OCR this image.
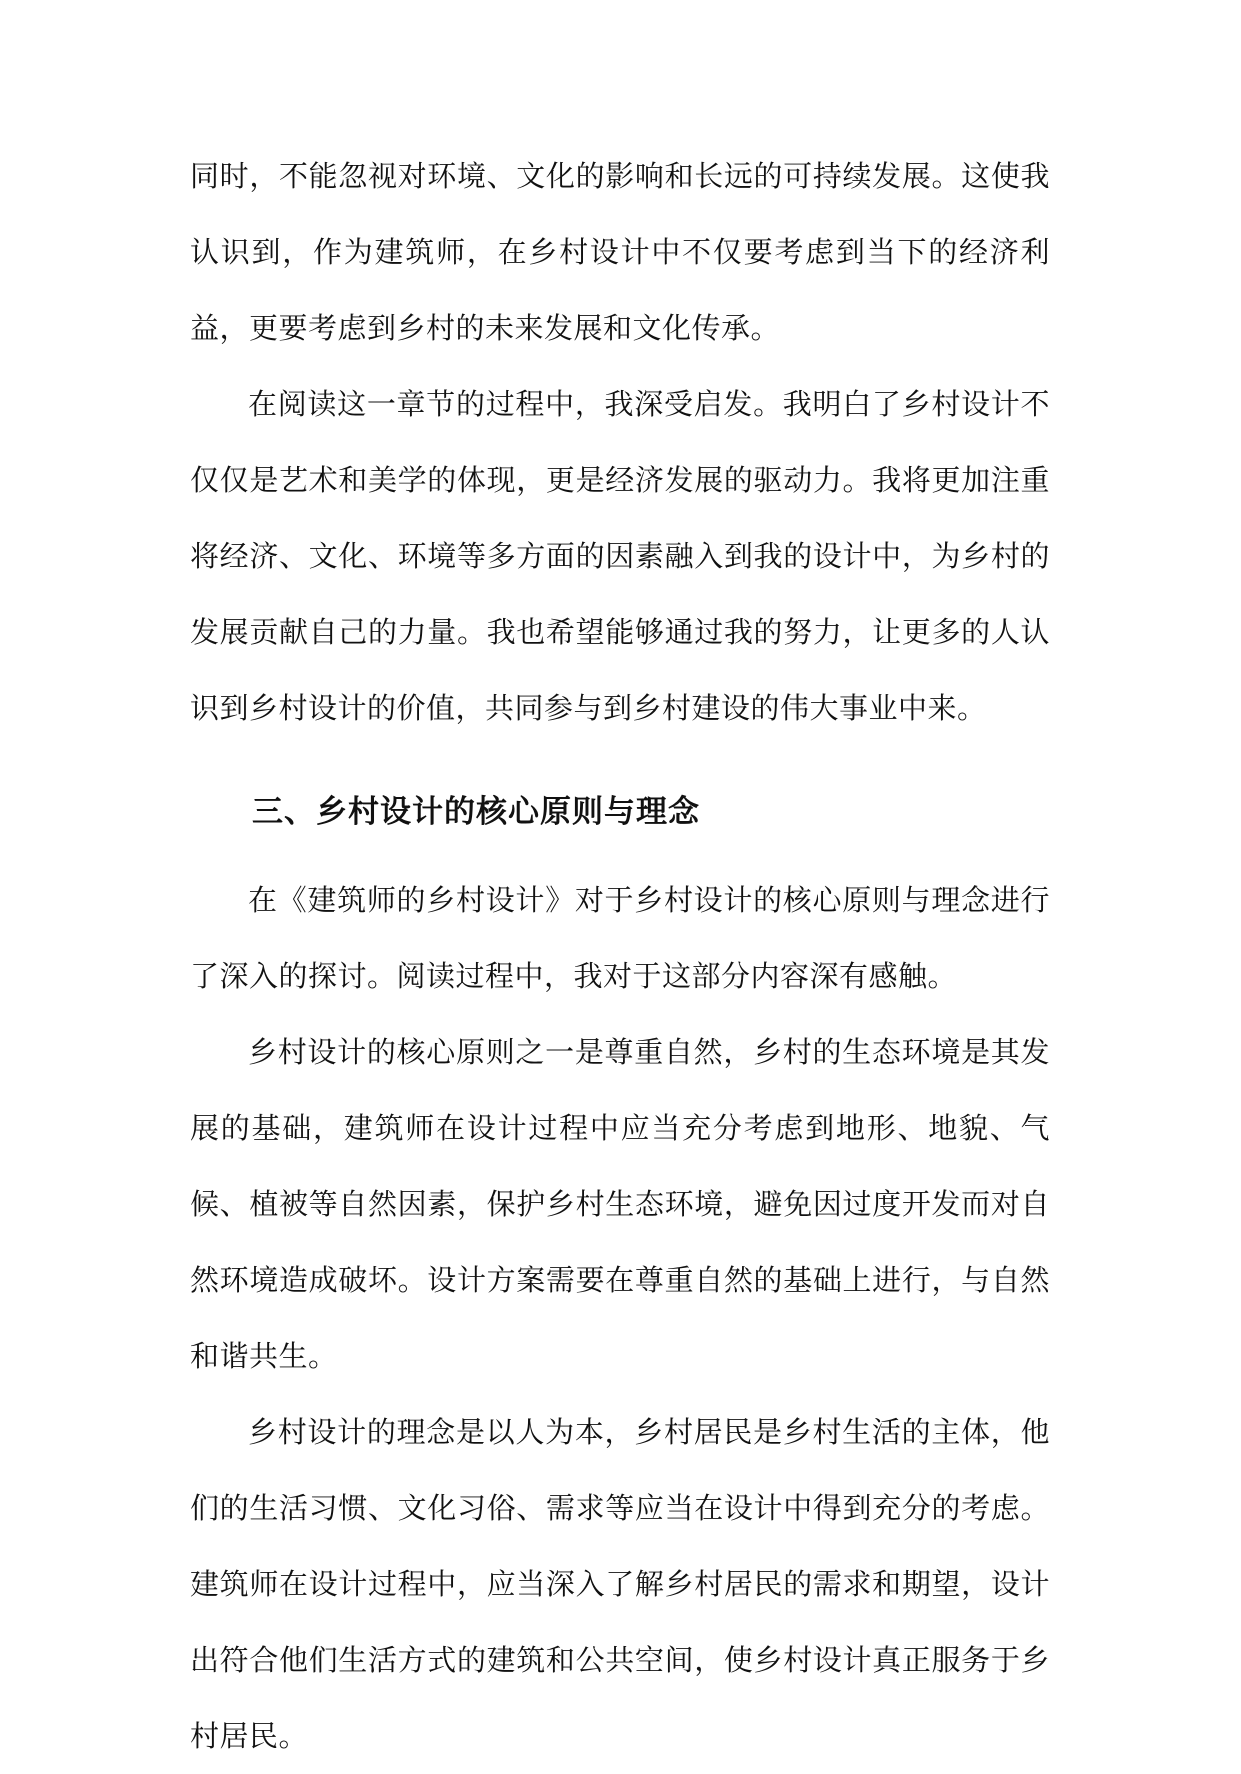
同时，不能忽视对环境、文化的影响和长远的可持续发展。这使我认识到，作为建筑师，在乡村设计中不仅要考虑到当下的经济利益，更要考虑到乡村的未来发展和文化传承。

在阅读这一章节的过程中，我深受启发。我明白了乡村设计不仅仅是艺术和美学的体现，更是经济发展的驱动力。我将更加注重将经济、文化、环境等多方面的因素融入到我的设计中，为乡村的发展贡献自己的力量。我也希望能够通过我的努力，让更多的人认识到乡村设计的价值，共同参与到乡村建设的伟大事业中来。

三、乡村设计的核心原则与理念

在《建筑师的乡村设计》对于乡村设计的核心原则与理念进行了深入的探讨。阅读过程中，我对于这部分内容深有感触。

乡村设计的核心原则之一是尊重自然，乡村的生态环境是其发展的基础，建筑师在设计过程中应当充分考虑到地形、地貌、气候、植被等自然因素，保护乡村生态环境，避免因过度开发而对自然环境造成破坏。设计方案需要在尊重自然的基础上进行，与自然和谐共生。

乡村设计的理念是以人为本，乡村居民是乡村生活的主体，他们的生活习惯、文化习俗、需求等应当在设计中得到充分的考虑。建筑师在设计过程中，应当深入了解乡村居民的需求和期望，设计出符合他们生活方式的建筑和公共空间，使乡村设计真正服务于乡村居民。
